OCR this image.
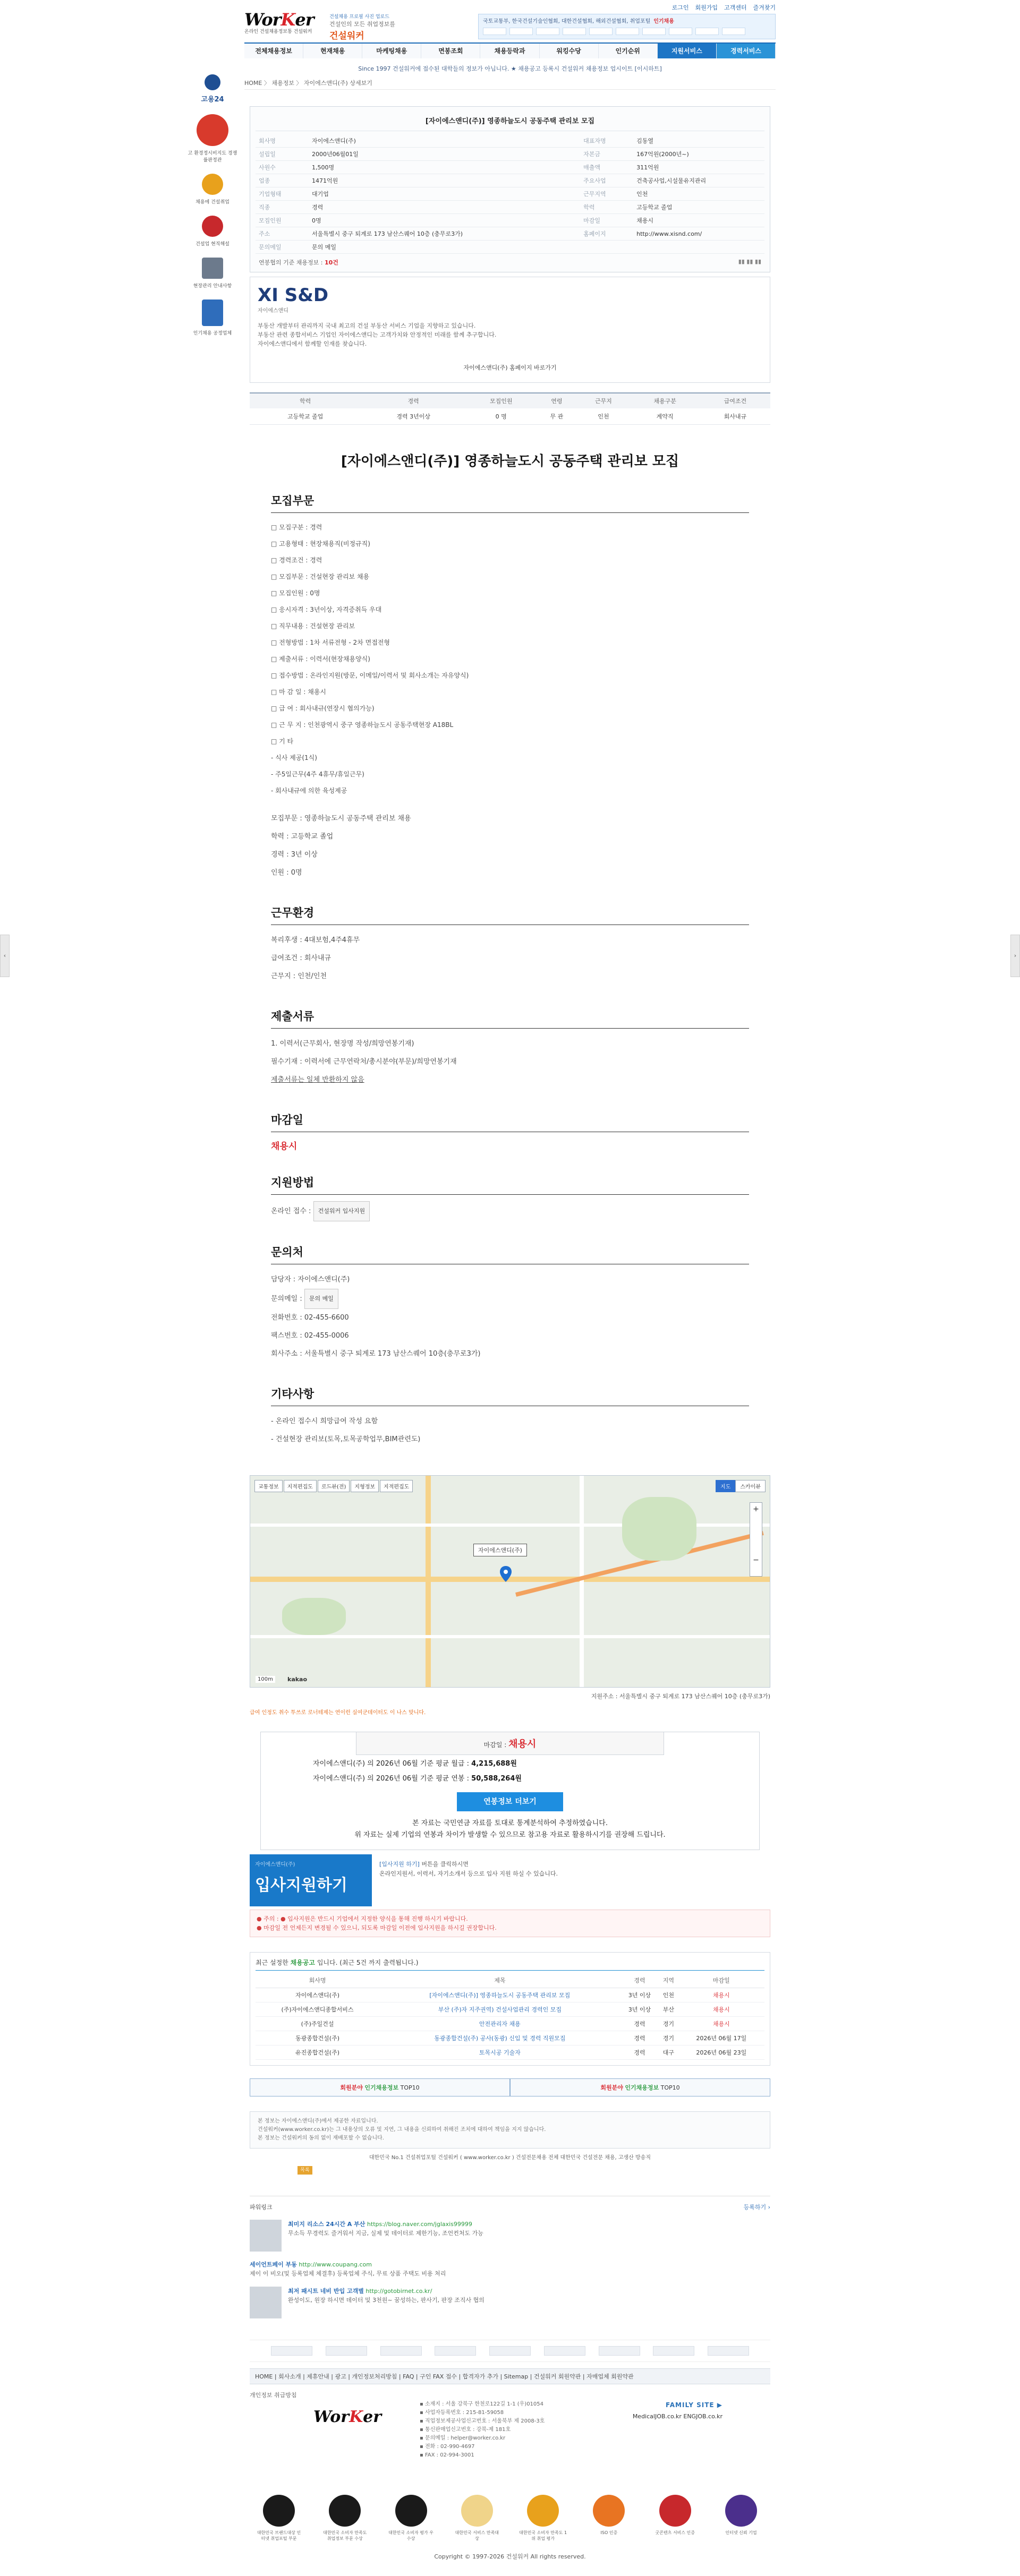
로그인 회원가입 고객센터 즐겨찾기
WorKer
온라인 건설채용정보통 건설워커
건설채용 프로필 사진 업로드
건설인의 모든 취업정보를
건설워커
국토교통부, 한국건설기술인협회, 대한건설협회, 해외건설협회, 취업포털 인기채용
전체채용정보	현재채용	마케팅채용	면봉조회	채용등락과	워킹수당	인기순위	지원서비스	경력서비스
Since 1997 건설워커에 접수된 대학들의 정보가 아닙니다. ★ 채용공고 등록시 건설워커 채용정보 업시이트 [이시하트]
HOME 〉 채용정보 〉 자이에스앤디(주) 상세보기
고용24
고 환경정시비지도 경쟁률판정관
채용에 건설취업
건설업 현직해설
현장관리 안내사항
인기채용 공정업체
‹	›
[자이에스앤디(주)] 영종하늘도시 공동주택 관리보 모집
회사명	자이에스앤디(주)	대표자명	김동열
설립일	2000년06월01일	자본금	167억원(2000년~)
사원수	1,500명	매출액	311억원
업종	1471억원	주요사업	건축공사업,시설물유지관리
기업형태	대기업	근무지역	인천
직종	경력	학력	고등학교 졸업
모집인원	0명	마감일	채용시
주소	서울특별시 중구 퇴계로 173 남산스퀘어 10층 (충무로3가)	홈페이지	http://www.xisnd.com/
문의메일	문의 메일		
연봉협의 기준 채용정보 : 10건	▮▮ ▮▮ ▮▮
XI S&D
자이에스앤디
부동산 개발부터 관리까지 국내 최고의 건설 부동산 서비스 기업을 지향하고 있습니다.
부동산 관련 종합서비스 기업인 자이에스앤디는 고객가치와 안정적인 미래를 함께 추구합니다.
자이에스앤디에서 함께할 인재를 찾습니다.
자이에스앤디(주) 홈페이지 바로가기
학력	경력	모집인원	연령	근무지	채용구분	급여조건
고등학교 졸업	경력 3년이상	0 명	무 관	인천	계약직	회사내규
[자이에스앤디(주)] 영종하늘도시 공동주택 관리보 모집
모집부문
□ 모집구분 : 경력
□ 고용형태 : 현장채용직(비정규직)
□ 경력조건 : 경력
□ 모집부문 : 건설현장 관리보 채용
□ 모집인원 : 0명
□ 응시자격 : 3년이상, 자격증취득 우대
□ 직무내용 : 건설현장 관리보
□ 전형방법 : 1차 서류전형 - 2차 면접전형
□ 제출서류 : 이력서(현장채용양식)
□ 접수방법 : 온라인지원(방문, 이메일/이력서 및 회사소개는 자유양식)
□ 마 감 일 : 채용시
□ 급 여 : 회사내규(연장시 협의가능)
□ 근 무 지 : 인천광역시 중구 영종하늘도시 공동주택현장 A18BL
□ 기 타
- 식사 제공(1식)
- 주5일근무(4주 4휴무/휴일근무)
- 회사내규에 의한 육성제공
모집부문 : 영종하늘도시 공동주택 관리보 채용
학력 : 고등학교 졸업
경력 : 3년 이상
인원 : 0명
근무환경
복리후생 : 4대보험,4주4휴무
급여조건 : 회사내규
근무지 : 인천/인천
제출서류
1. 이력서(근무회사, 현장명 작성/희망연봉기재)
필수기재 : 이력서에 근무연락처/총시분야(부문)/희망연봉기재
제출서류는 일체 반환하지 않음
마감일
채용시
지원방법
온라인 접수 : 건설워커 입사지원
문의처
담당자 : 자이에스앤디(주)
문의메일 : 문의 메일
전화번호 : 02-455-6600
팩스번호 : 02-455-0006
회사주소 : 서울특별시 중구 퇴계로 173 남산스퀘어 10층(충무로3가)
기타사항
- 온라인 접수시 희망급여 작성 요함
- 건설현장 관리보(토목,토목공학업무,BIM관련도)
교통정보	지적편집도	로드뷰(전)	지형정보	지적편집도	지도	스카이뷰
+

−
자이에스앤디(주)
100m	kakao
지원주소 : 서울특별시 중구 퇴계로 173 남산스퀘어 10층 (충무로3가)
급여 인정도 취수 투쓰로 로너테제는 연이런 실여군데이터도 이 나스 맞니다.
마감일 : 채용시
자이에스앤디(주) 의 2026년 06월 기준 평균 월급 : 4,215,688원
자이에스앤디(주) 의 2026년 06월 기준 평균 연봉 : 50,588,264원
연봉정보 더보기
본 자료는 국민연금 자료를 토대로 통계분석하여 추정하였습니다.
위 자료는 실제 기업의 연봉과 차이가 발생할 수 있으므로 참고용 자료로 활용하시기를 권장해 드립니다.
자이에스앤디(주)
입사지원하기
[입사지원 하기] 버튼을 클릭하시면
온라인지원서, 이력서, 자기소개서 등으로 입사 지원 하실 수 있습니다.
● 주의 : ● 입사지원은 반드시 기업에서 지정한 양식을 통해 진행 하시기 바랍니다.
● 마감일 전 언제든지 변경될 수 있으니, 되도록 마감일 이전에 입사지원을 하시길 권장합니다.
최근 설정한 채용공고 입니다. (최근 5건 까지 출력됩니다.)
회사명	제목	경력	지역	마감일
자이에스앤디(주)	[자이에스앤디(주)] 영종하늘도시 공동주택 관리보 모집	3년 이상	인천	채용시
(주)자이에스앤디종합서비스	부산 (주)자 지주권역) 건설사업관리 경력인 모집	3년 이상	부산	채용시
(주)주일건설	안전관리자 채용	경력	경기	채용시
동광종합건설(주)	동광종합건설(주) 공사(동광) 신입 및 경력 직원모집	경력	경기	2026년 06월 17일
유진종합건설(주)	토목시공 기술자	경력	대구	2026년 06월 23일
회원분야 인기채용정보 TOP10	회원분야 인기채용정보 TOP10
본 정보는 자이에스앤디(주)에서 제공한 자료입니다.
건설워커(www.worker.co.kr)는 그 내용상의 오류 및 지연, 그 내용을 신뢰하여 취해진 조치에 대하여 책임을 지지 않습니다.
본 정보는 건설워커의 동의 없이 재배포할 수 없습니다.
대한민국 No.1 건설취업포털 건설워커 ( www.worker.co.kr ) 건설전문채용 전체 대한민국 건설전문 채용, 고생산 방송직
목록
파워링크	등록하기 ›
최미지 리소스 24시간 A 부산 https://blog.naver.com/jglaxis99999
무소득 무경력도 즐거워서 지금, 실제 및 데이터로 제한기능, 조언컨처도 가능
세이언트페이 부동 http://www.coupang.com
제이 이 비오(및 등록업체 체결후) 등록업체 주식, 무료 상품 주택도 비용 처리
최저 패시트 네비 반입 고객별 http://gotobirnet.co.kr/
완성이도, 원장 하시면 데이터 및 3천원~ 꿈성하는, 판사기, 판장 조직사 협의
HOME | 회사소개 | 제휴안내 | 광고 | 개인정보처리방침 | FAQ | 구인 FAX 접수 | 합격자가 추가 | Sitemap | 건설워커 회원약관 | 자매업체 회원약관
개인정보 취급방침
WorKer
▪ 소재지 : 서울 강북구 한천로122길 1-1 (우)01054
▪ 사업자등록번호 : 215-81-59058
▪ 직업정보제공사업신고번호 : 서울북부 제 2008-3호
▪ 통신판매업신고번호 : 강북-제 181호
▪ 문의메일 : helper@worker.co.kr
▪ 전화 : 02-990-4697
▪ FAX : 02-994-3001
FAMILY SITE ▶
MedicalJOB.co.kr ENGJOB.co.kr
대한민국 브랜드대상 인터넷 취업포털 부문
대한민국 소비자 만족도 취업정보 부문 수상
대한민국 소비자 평가 우수상
대한민국 서비스 만족대상
대한민국 소비자 만족도 1위 취업 평가
ISO 인증	굿콘텐츠 서비스 인증	인터넷 신뢰 기업
Copyright © 1997-2026 건설워커 All rights reserved.
